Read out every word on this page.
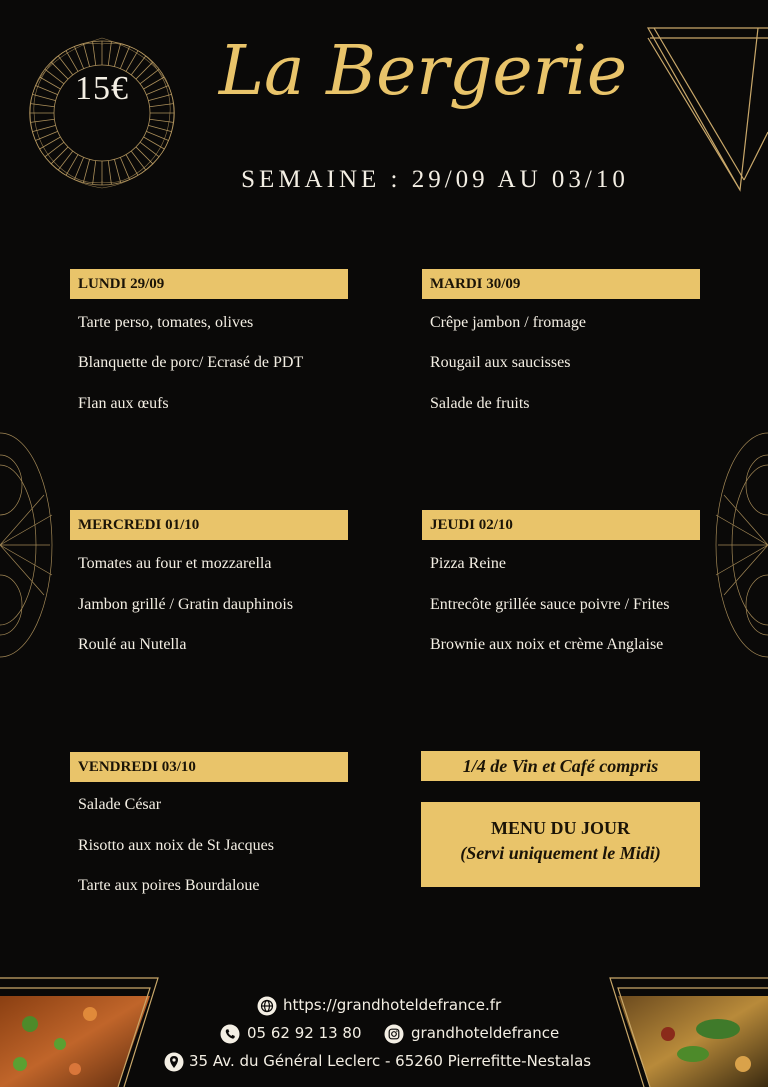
15€	La Bergerie
SEMAINE : 29/09 AU 03/10
LUNDI 29/09
Tarte perso, tomates, olives
Blanquette de porc/ Ecrasé de PDT
Flan aux œufs
MARDI 30/09
Crêpe jambon / fromage
Rougail aux saucisses
Salade de fruits
MERCREDI 01/10
Tomates au four et mozzarella
Jambon grillé / Gratin dauphinois
Roulé au Nutella
JEUDI 02/10
Pizza Reine
Entrecôte grillée sauce poivre / Frites
Brownie aux noix et crème Anglaise
VENDREDI 03/10
Salade César
Risotto aux noix de St Jacques
Tarte aux poires Bourdaloue
1/4 de Vin et Café compris
MENU DU JOUR
(Servi uniquement le Midi)
https://grandhoteldefrance.fr
05 62 92 13 80	grandhoteldefrance
35 Av. du Général Leclerc - 65260 Pierrefitte-Nestalas
